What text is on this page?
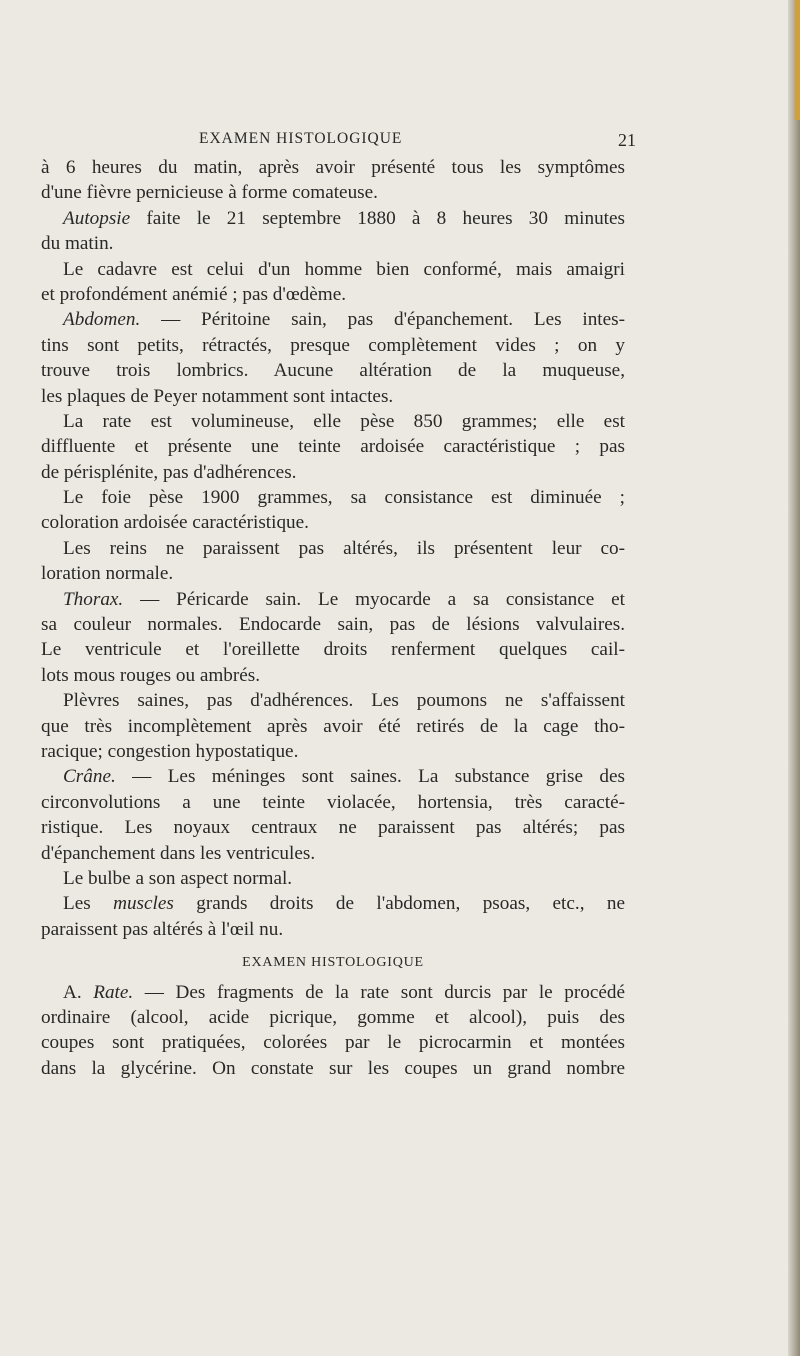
EXAMEN HISTOLOGIQUE	21
à 6 heures du matin, après avoir présenté tous les symptômes
d'une fièvre pernicieuse à forme comateuse.
Autopsie faite le 21 septembre 1880 à 8 heures 30 minutes
du matin.
Le cadavre est celui d'un homme bien conformé, mais amaigri
et profondément anémié ; pas d'œdème.
Abdomen. — Péritoine sain, pas d'épanchement. Les intes-
tins sont petits, rétractés, presque complètement vides ; on y
trouve trois lombrics. Aucune altération de la muqueuse,
les plaques de Peyer notamment sont intactes.
La rate est volumineuse, elle pèse 850 grammes; elle est
diffluente et présente une teinte ardoisée caractéristique ; pas
de périsplénite, pas d'adhérences.
Le foie pèse 1900 grammes, sa consistance est diminuée ;
coloration ardoisée caractéristique.
Les reins ne paraissent pas altérés, ils présentent leur co-
loration normale.
Thorax. — Péricarde sain. Le myocarde a sa consistance et
sa couleur normales. Endocarde sain, pas de lésions valvulaires.
Le ventricule et l'oreillette droits renferment quelques cail-
lots mous rouges ou ambrés.
Plèvres saines, pas d'adhérences. Les poumons ne s'affaissent
que très incomplètement après avoir été retirés de la cage tho-
racique; congestion hypostatique.
Crâne. — Les méninges sont saines. La substance grise des
circonvolutions a une teinte violacée, hortensia, très caracté-
ristique. Les noyaux centraux ne paraissent pas altérés; pas
d'épanchement dans les ventricules.
Le bulbe a son aspect normal.
Les muscles grands droits de l'abdomen, psoas, etc., ne
paraissent pas altérés à l'œil nu.
EXAMEN HISTOLOGIQUE
A. Rate. — Des fragments de la rate sont durcis par le procédé
ordinaire (alcool, acide picrique, gomme et alcool), puis des
coupes sont pratiquées, colorées par le picrocarmin et montées
dans la glycérine. On constate sur les coupes un grand nombre
